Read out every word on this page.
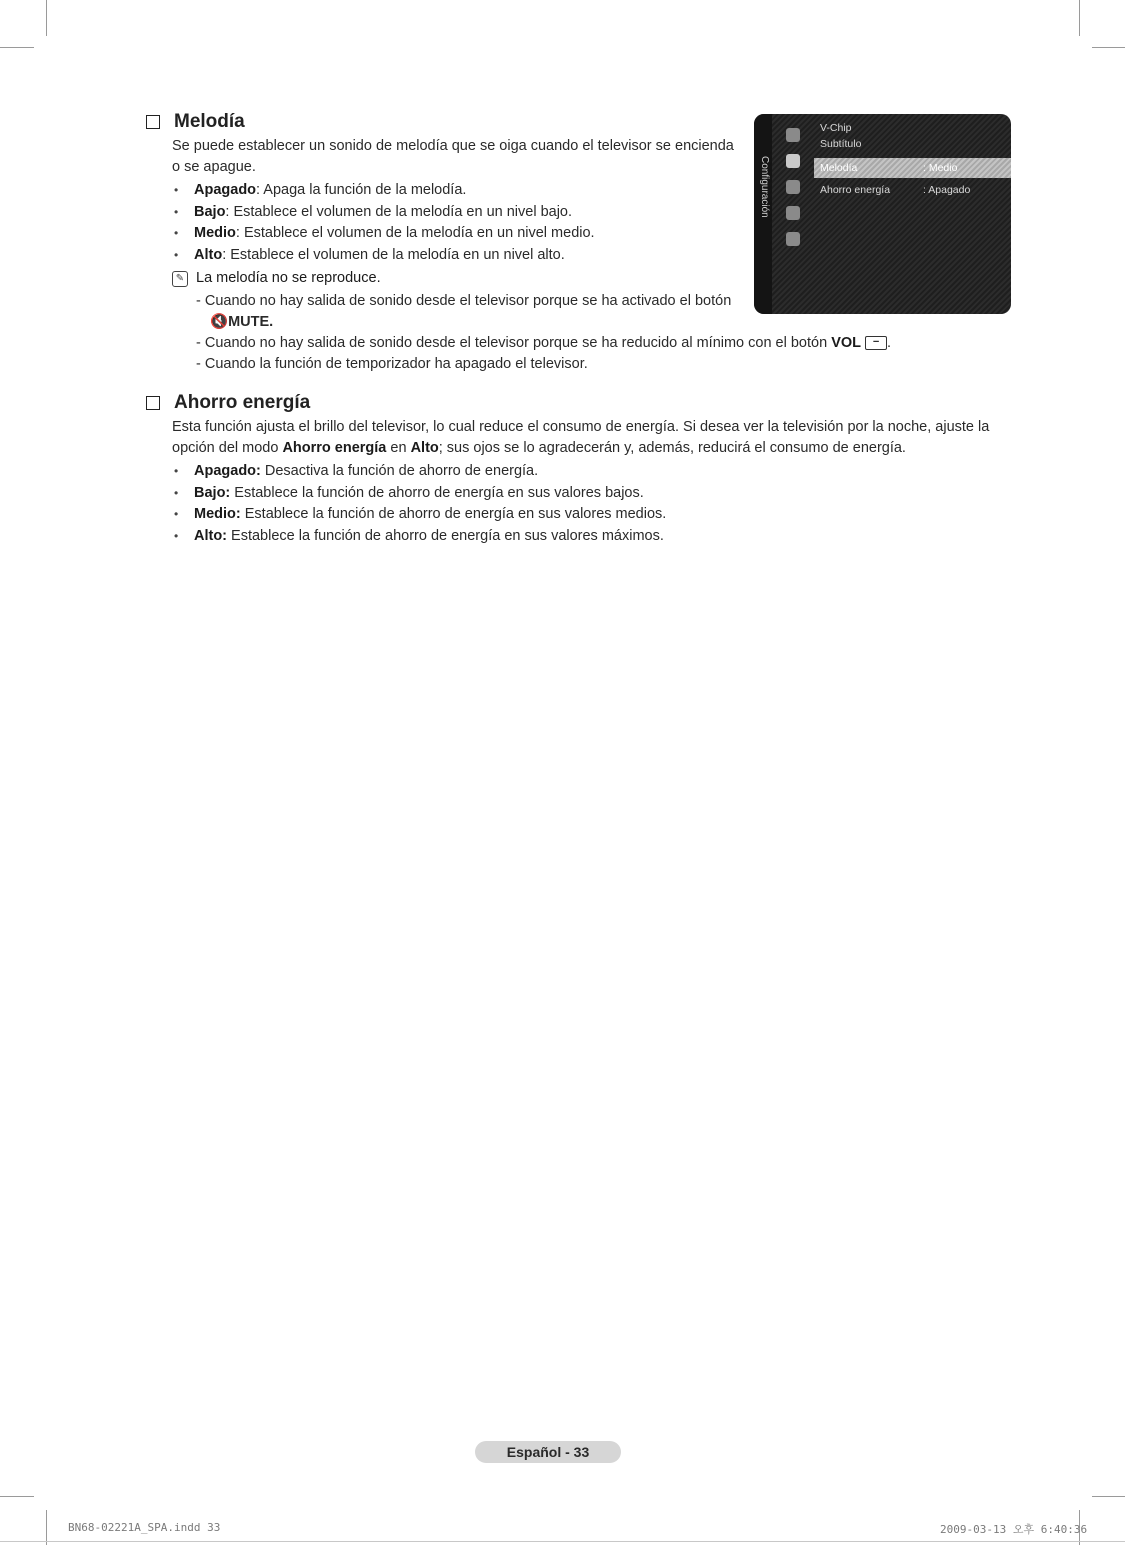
Melodía
Se puede establecer un sonido de melodía que se oiga cuando el televisor se encienda
o se apague.
• Apagado: Apaga la función de la melodía.
• Bajo: Establece el volumen de la melodía en un nivel bajo.
• Medio: Establece el volumen de la melodía en un nivel medio.
• Alto: Establece el volumen de la melodía en un nivel alto.
✎ La melodía no se reproduce.
- Cuando no hay salida de sonido desde el televisor porque se ha activado el botón
🔇MUTE.
- Cuando no hay salida de sonido desde el televisor porque se ha reducido al mínimo con el botón VOL − .
- Cuando la función de temporizador ha apagado el televisor.
Configuración
V-Chip
Subtítulo
Melodía	: Medio
Ahorro energía	: Apagado
Ahorro energía
Esta función ajusta el brillo del televisor, lo cual reduce el consumo de energía. Si desea ver la televisión por la noche, ajuste la
opción del modo Ahorro energía en Alto; sus ojos se lo agradecerán y, además, reducirá el consumo de energía.
• Apagado: Desactiva la función de ahorro de energía.
• Bajo: Establece la función de ahorro de energía en sus valores bajos.
• Medio: Establece la función de ahorro de energía en sus valores medios.
• Alto: Establece la función de ahorro de energía en sus valores máximos.
Español - 33
BN68-02221A_SPA.indd 33	2009-03-13 오후 6:40:36
